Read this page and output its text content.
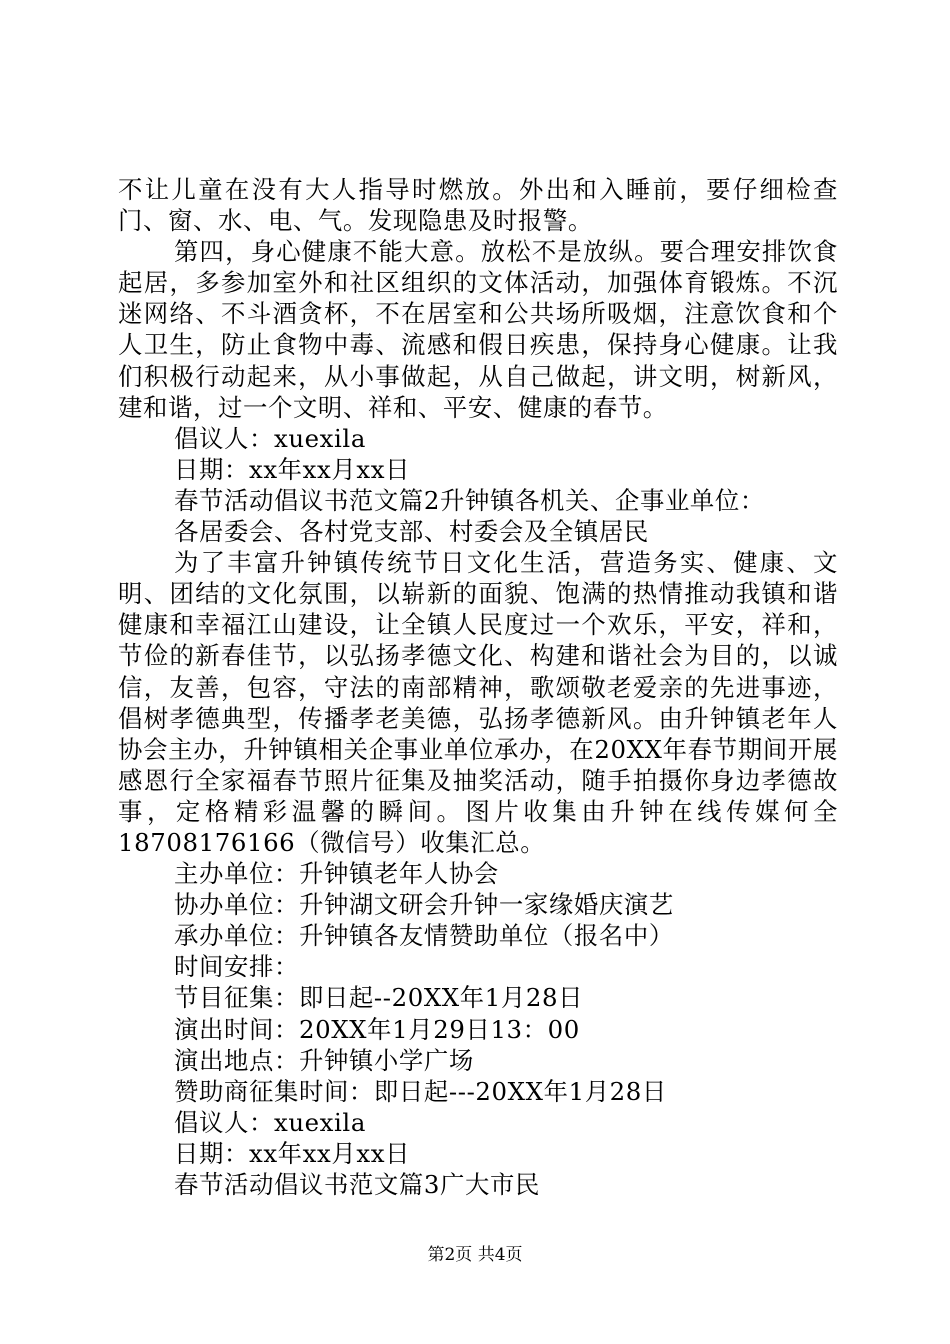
不让儿童在没有大人指导时燃放。外出和入睡前，要仔细检查门、窗、水、电、气。发现隐患及时报警。

第四，身心健康不能大意。放松不是放纵。要合理安排饮食起居，多参加室外和社区组织的文体活动，加强体育锻炼。不沉迷网络、不斗酒贪杯，不在居室和公共场所吸烟，注意饮食和个人卫生，防止食物中毒、流感和假日疾患，保持身心健康。让我们积极行动起来，从小事做起，从自己做起，讲文明，树新风，建和谐，过一个文明、祥和、平安、健康的春节。

倡议人：xuexila

日期：xx年xx月xx日

春节活动倡议书范文篇2升钟镇各机关、企事业单位：

各居委会、各村党支部、村委会及全镇居民

为了丰富升钟镇传统节日文化生活，营造务实、健康、文明、团结的文化氛围，以崭新的面貌、饱满的热情推动我镇和谐健康和幸福江山建设，让全镇人民度过一个欢乐，平安，祥和，节俭的新春佳节，以弘扬孝德文化、构建和谐社会为目的，以诚信，友善，包容，守法的南部精神，歌颂敬老爱亲的先进事迹，倡树孝德典型，传播孝老美德，弘扬孝德新风。由升钟镇老年人协会主办，升钟镇相关企事业单位承办，在20XX年春节期间开展感恩行全家福春节照片征集及抽奖活动，随手拍摄你身边孝德故事，定格精彩温馨的瞬间。图片收集由升钟在线传媒何全18708176166（微信号）收集汇总。

主办单位：升钟镇老年人协会

协办单位：升钟湖文研会升钟一家缘婚庆演艺

承办单位：升钟镇各友情赞助单位（报名中）

时间安排：

节目征集：即日起--20XX年1月28日

演出时间：20XX年1月29日13：00

演出地点：升钟镇小学广场

赞助商征集时间：即日起---20XX年1月28日

倡议人：xuexila

日期：xx年xx月xx日

春节活动倡议书范文篇3广大市民

第2页 共4页
